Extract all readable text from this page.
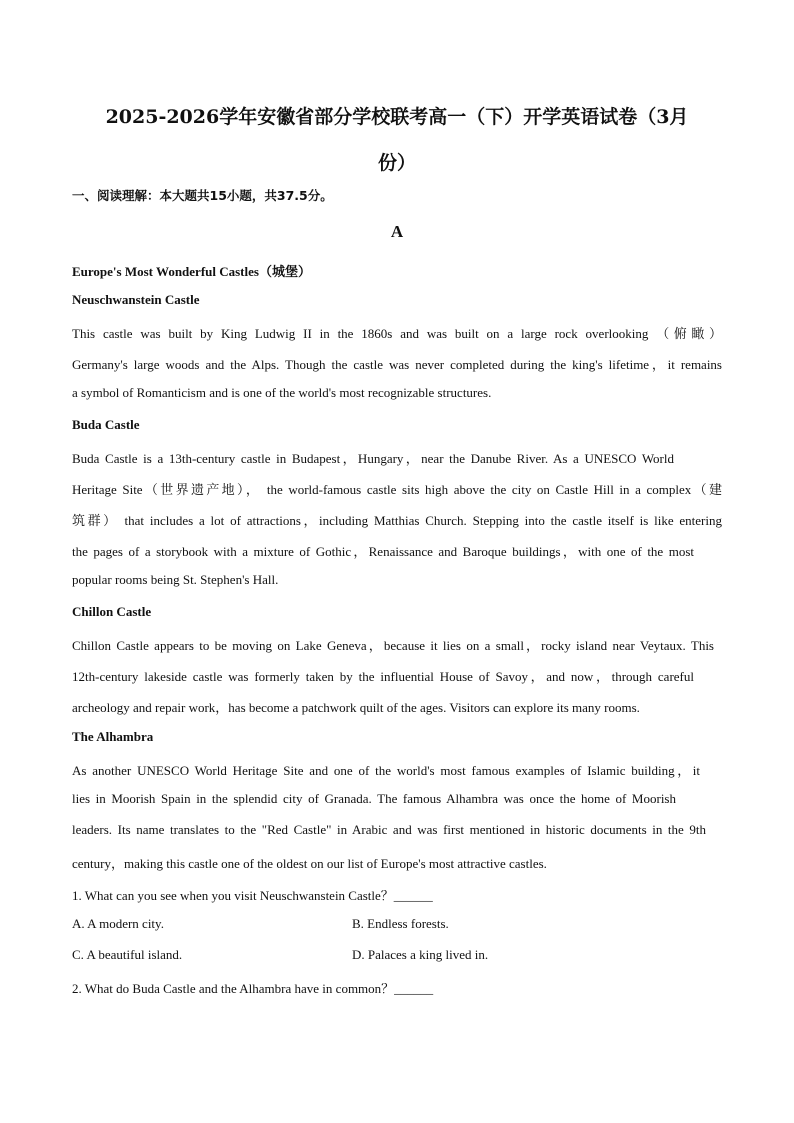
2025-2026学年安徽省部分学校联考高一（下）开学英语试卷（3月
份）
一、阅读理解：本大题共15小题，共37.5分。
A
Europe's Most Wonderful Castles（城堡）
Neuschwanstein Castle
This castle was built by King Ludwig II in the 1860s and was built on a large rock overlooking （俯瞰）
Germany's large woods and the Alps. Though the castle was never completed during the king's lifetime，it remains
a symbol of Romanticism and is one of the world's most recognizable structures.
Buda Castle
Buda Castle is a 13th-century castle in Budapest，Hungary，near the Danube River. As a UNESCO World
Heritage Site（世界遗产地）， the world-famous castle sits high above the city on Castle Hill in a complex（建
筑群） that includes a lot of attractions，including Matthias Church. Stepping into the castle itself is like entering
the pages of a storybook with a mixture of Gothic，Renaissance and Baroque buildings，with one of the most
popular rooms being St. Stephen's Hall.
Chillon Castle
Chillon Castle appears to be moving on Lake Geneva，because it lies on a small，rocky island near Veytaux. This
12th-century lakeside castle was formerly taken by the influential House of Savoy，and now，through careful
archeology and repair work，has become a patchwork quilt of the ages. Visitors can explore its many rooms.
The Alhambra
As another UNESCO World Heritage Site and one of the world's most famous examples of Islamic building，it
lies in Moorish Spain in the splendid city of Granada. The famous Alhambra was once the home of Moorish
leaders. Its name translates to the "Red Castle" in Arabic and was first mentioned in historic documents in the 9th
century，making this castle one of the oldest on our list of Europe's most attractive castles.
1. What can you see when you visit Neuschwanstein Castle？______
A. A modern city.	B. Endless forests.
C. A beautiful island.	D. Palaces a king lived in.
2. What do Buda Castle and the Alhambra have in common？______
